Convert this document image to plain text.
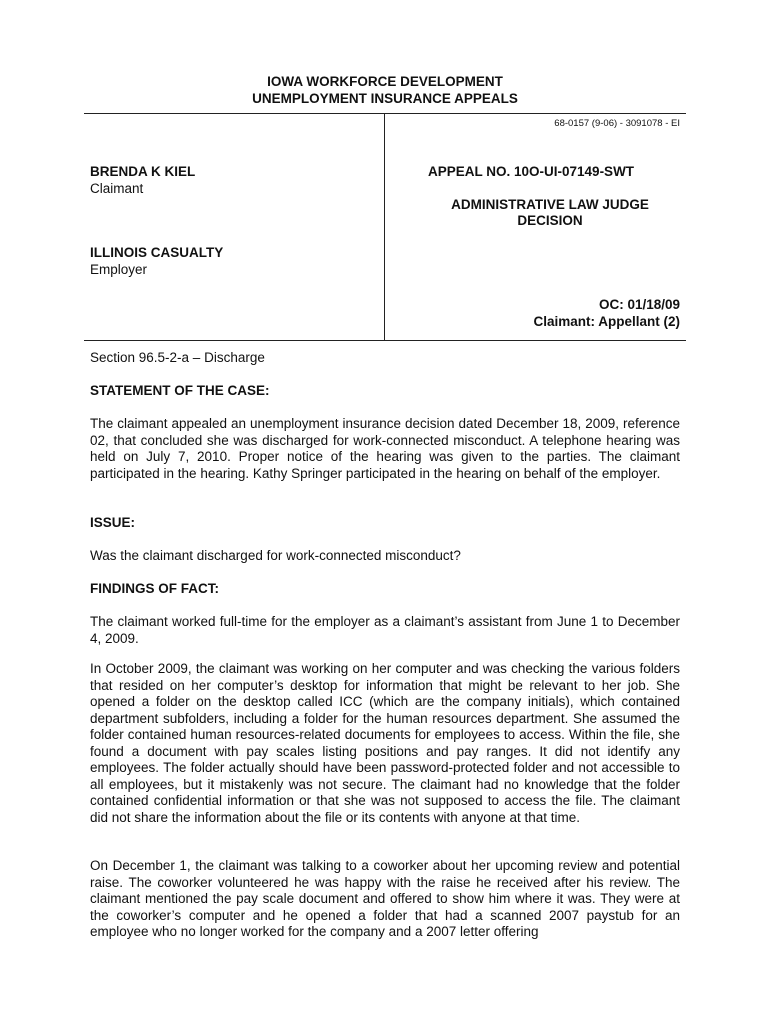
IOWA WORKFORCE DEVELOPMENT
UNEMPLOYMENT INSURANCE APPEALS
68-0157 (9-06) - 3091078 - EI
BRENDA K KIEL
Claimant
ILLINOIS CASUALTY
Employer
APPEAL NO. 10O-UI-07149-SWT
ADMINISTRATIVE LAW JUDGE
DECISION
OC: 01/18/09
Claimant: Appellant (2)
Section 96.5-2-a – Discharge
STATEMENT OF THE CASE:
The claimant appealed an unemployment insurance decision dated December 18, 2009, reference 02, that concluded she was discharged for work-connected misconduct. A telephone hearing was held on July 7, 2010. Proper notice of the hearing was given to the parties. The claimant participated in the hearing. Kathy Springer participated in the hearing on behalf of the employer.
ISSUE:
Was the claimant discharged for work-connected misconduct?
FINDINGS OF FACT:
The claimant worked full-time for the employer as a claimant’s assistant from June 1 to December 4, 2009.
In October 2009, the claimant was working on her computer and was checking the various folders that resided on her computer’s desktop for information that might be relevant to her job. She opened a folder on the desktop called ICC (which are the company initials), which contained department subfolders, including a folder for the human resources department. She assumed the folder contained human resources-related documents for employees to access. Within the file, she found a document with pay scales listing positions and pay ranges. It did not identify any employees. The folder actually should have been password-protected folder and not accessible to all employees, but it mistakenly was not secure. The claimant had no knowledge that the folder contained confidential information or that she was not supposed to access the file. The claimant did not share the information about the file or its contents with anyone at that time.
On December 1, the claimant was talking to a coworker about her upcoming review and potential raise. The coworker volunteered he was happy with the raise he received after his review. The claimant mentioned the pay scale document and offered to show him where it was. They were at the coworker’s computer and he opened a folder that had a scanned 2007 paystub for an employee who no longer worked for the company and a 2007 letter offering
